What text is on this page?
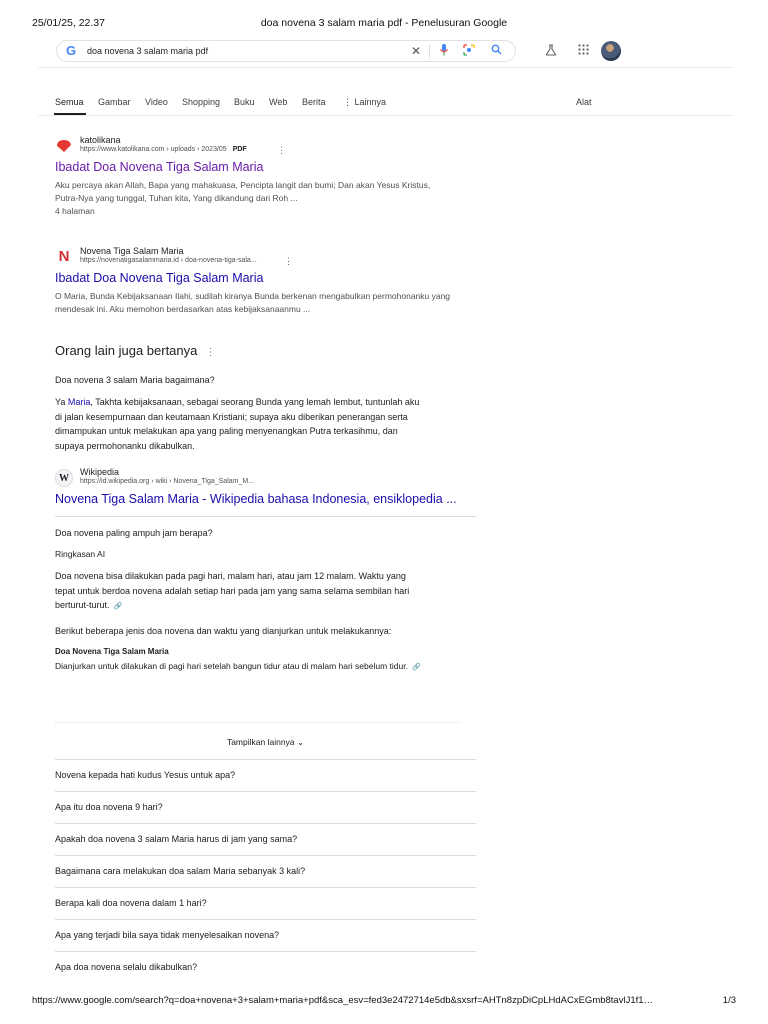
25/01/25, 22.37	doa novena 3 salam maria pdf - Penelusuran Google
G doa novena 3 salam maria pdf	✕
Semua Gambar Video Shopping Buku Web Berita ⋮ Lainnya	Alat
katolikana
https://www.katolikana.com › uploads › 2023/05 PDF	⋮
Ibadat Doa Novena Tiga Salam Maria
Aku percaya akan Allah, Bapa yang mahakuasa, Pencipta langit dan bumi; Dan akan Yesus Kristus,
Putra-Nya yang tunggal, Tuhan kita, Yang dikandung dari Roh ...
4 halaman
N	Novena Tiga Salam Maria
https://novenatigasalammaria.id › doa-novena-tiga-sala...	⋮
Ibadat Doa Novena Tiga Salam Maria
O Maria, Bunda Kebijaksanaan Ilahi, sudilah kiranya Bunda berkenan mengabulkan permohonanku yang
mendesak ini. Aku memohon berdasarkan atas kebijaksanaanmu ...
Orang lain juga bertanya ⋮
Doa novena 3 salam Maria bagaimana?
Ya Maria, Takhta kebijaksanaan, sebagai seorang Bunda yang lemah lembut, tuntunlah aku
di jalan kesempurnaan dan keutamaan Kristiani; supaya aku diberikan penerangan serta
dimampukan untuk melakukan apa yang paling menyenangkan Putra terkasihmu, dan
supaya permohonanku dikabulkan.
W
Wikipedia
https://id.wikipedia.org › wiki › Novena_Tiga_Salam_M...
Novena Tiga Salam Maria - Wikipedia bahasa Indonesia, ensiklopedia ...
Doa novena paling ampuh jam berapa?
Ringkasan AI
Doa novena bisa dilakukan pada pagi hari, malam hari, atau jam 12 malam. Waktu yang
tepat untuk berdoa novena adalah setiap hari pada jam yang sama selama sembilan hari
berturut-turut. 🔗
Berikut beberapa jenis doa novena dan waktu yang dianjurkan untuk melakukannya:
Doa Novena Tiga Salam Maria
Dianjurkan untuk dilakukan di pagi hari setelah bangun tidur atau di malam hari sebelum tidur. 🔗
Tampilkan lainnya ⌄
Novena kepada hati kudus Yesus untuk apa?
Apa itu doa novena 9 hari?
Apakah doa novena 3 salam Maria harus di jam yang sama?
Bagaimana cara melakukan doa salam Maria sebanyak 3 kali?
Berapa kali doa novena dalam 1 hari?
Apa yang terjadi bila saya tidak menyelesaikan novena?
Apa doa novena selalu dikabulkan?
https://www.google.com/search?q=doa+novena+3+salam+maria+pdf&sca_esv=fed3e2472714e5db&sxsrf=AHTn8zpDiCpLHdACxEGmb8tavlJ1f1…	1/3
